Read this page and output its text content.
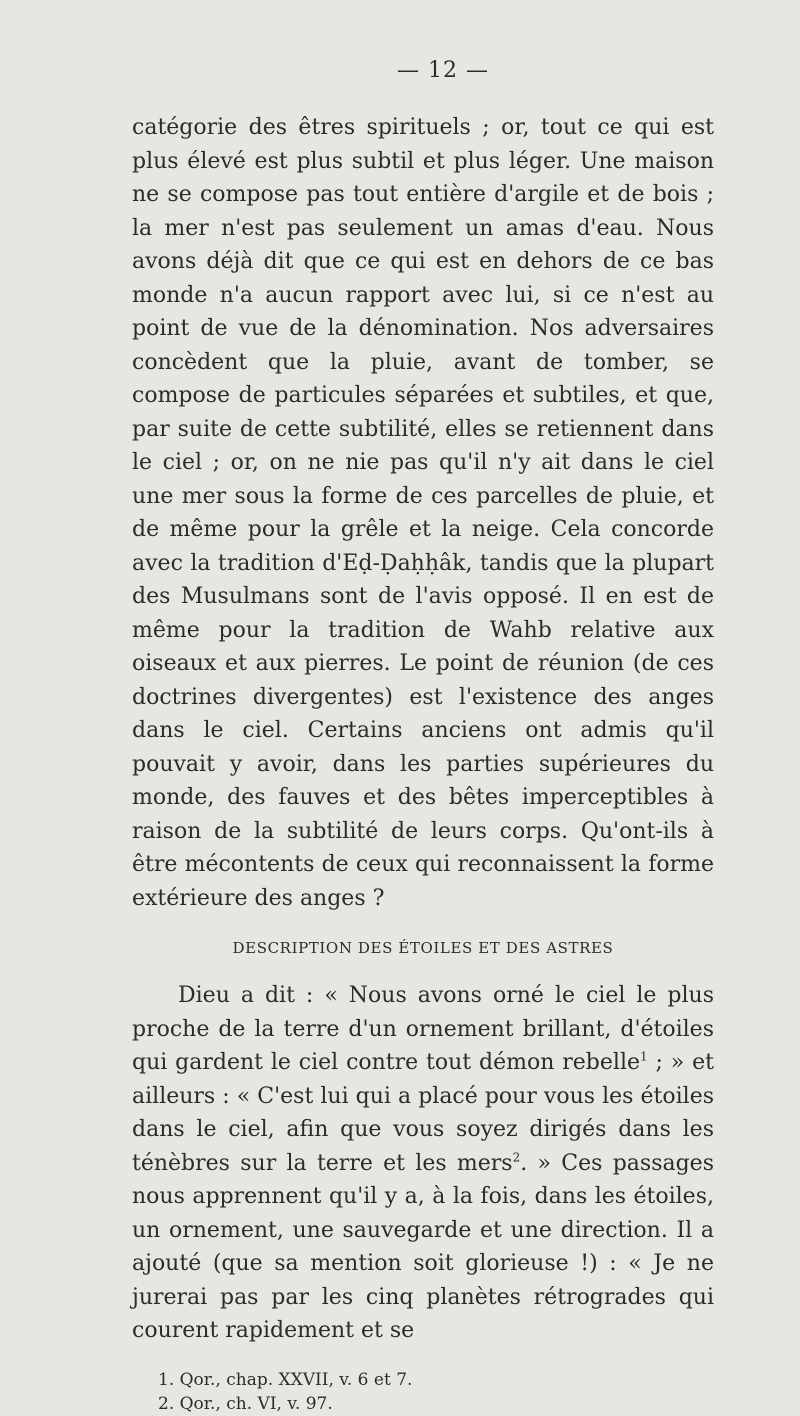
— 12 —

catégorie des êtres spirituels ; or, tout ce qui est plus élevé est plus subtil et plus léger. Une maison ne se compose pas tout entière d'argile et de bois ; la mer n'est pas seulement un amas d'eau. Nous avons déjà dit que ce qui est en dehors de ce bas monde n'a aucun rapport avec lui, si ce n'est au point de vue de la dénomination. Nos adversaires concèdent que la pluie, avant de tomber, se compose de particules séparées et subtiles, et que, par suite de cette subtilité, elles se retiennent dans le ciel ; or, on ne nie pas qu'il n'y ait dans le ciel une mer sous la forme de ces parcelles de pluie, et de même pour la grêle et la neige. Cela concorde avec la tradition d'Eḍ-Ḍaḥḥâk, tandis que la plupart des Musulmans sont de l'avis opposé. Il en est de même pour la tradition de Wahb relative aux oiseaux et aux pierres. Le point de réunion (de ces doctrines divergentes) est l'existence des anges dans le ciel. Certains anciens ont admis qu'il pouvait y avoir, dans les parties supérieures du monde, des fauves et des bêtes imperceptibles à raison de la subtilité de leurs corps. Qu'ont-ils à être mécontents de ceux qui reconnaissent la forme extérieure des anges ?

DESCRIPTION DES ÉTOILES ET DES ASTRES

Dieu a dit : « Nous avons orné le ciel le plus proche de la terre d'un ornement brillant, d'étoiles qui gardent le ciel contre tout démon rebelle$^1$ ; » et ailleurs : « C'est lui qui a placé pour vous les étoiles dans le ciel, afin que vous soyez dirigés dans les ténèbres sur la terre et les mers$^2$. » Ces passages nous apprennent qu'il y a, à la fois, dans les étoiles, un ornement, une sauvegarde et une direction. Il a ajouté (que sa mention soit glorieuse !) : « Je ne jurerai pas par les cinq planètes rétrogrades qui courent rapidement et se

1. Qor., chap. XXVII, v. 6 et 7.
2. Qor., ch. VI, v. 97.
